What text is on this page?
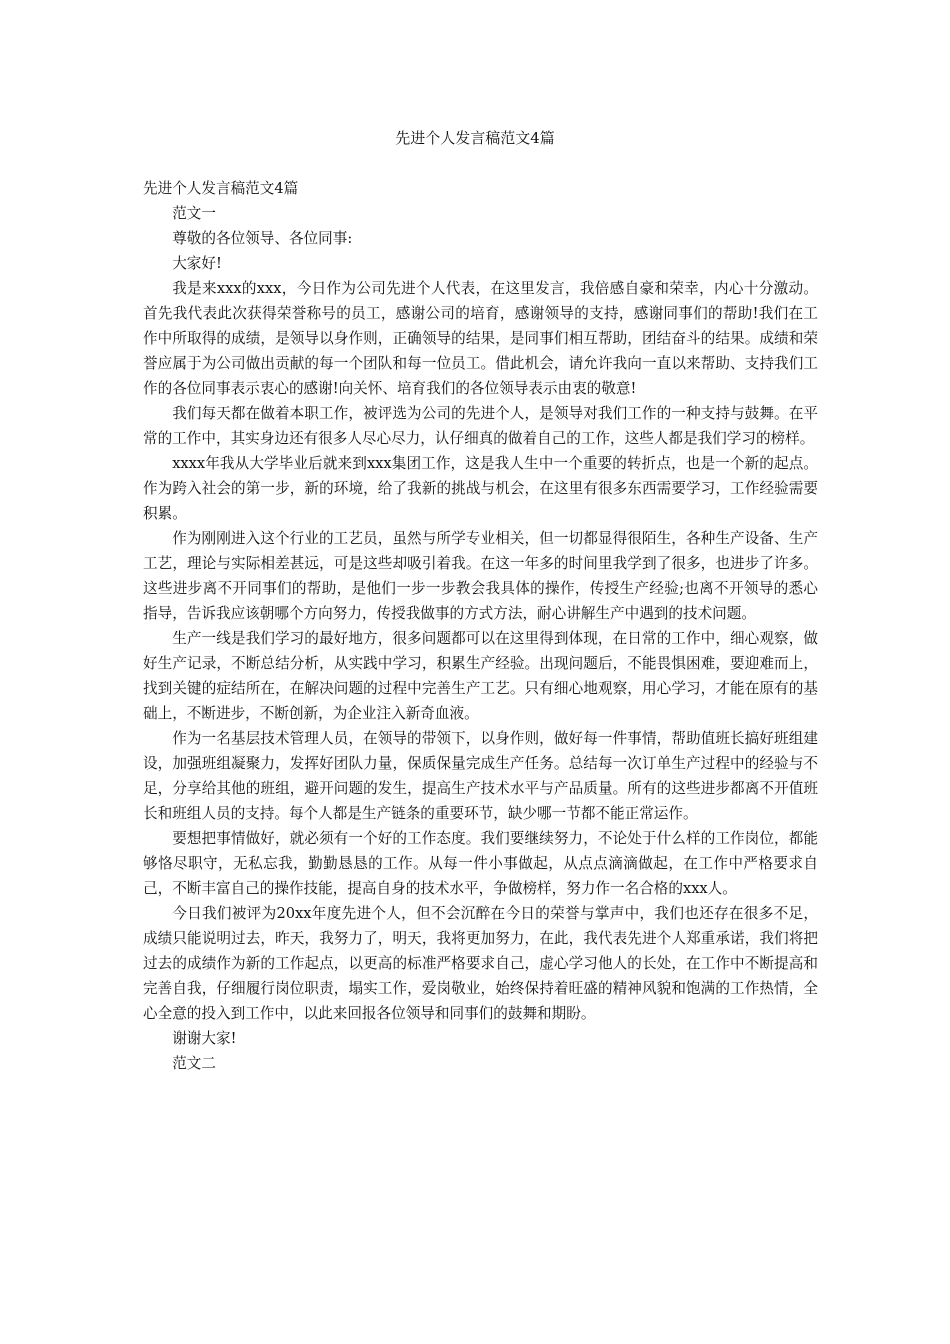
先进个人发言稿范文4篇

先进个人发言稿范文4篇

范文一

尊敬的各位领导、各位同事:

大家好!

我是来xxx的xxx，今日作为公司先进个人代表，在这里发言，我倍感自豪和荣幸，内心十分激动。首先我代表此次获得荣誉称号的员工，感谢公司的培育，感谢领导的支持，感谢同事们的帮助!我们在工作中所取得的成绩，是领导以身作则，正确领导的结果，是同事们相互帮助，团结奋斗的结果。成绩和荣誉应属于为公司做出贡献的每一个团队和每一位员工。借此机会，请允许我向一直以来帮助、支持我们工作的各位同事表示衷心的感谢!向关怀、培育我们的各位领导表示由衷的敬意!

我们每天都在做着本职工作，被评选为公司的先进个人，是领导对我们工作的一种支持与鼓舞。在平常的工作中，其实身边还有很多人尽心尽力，认仔细真的做着自己的工作，这些人都是我们学习的榜样。

xxxx年我从大学毕业后就来到xxx集团工作，这是我人生中一个重要的转折点，也是一个新的起点。作为跨入社会的第一步，新的环境，给了我新的挑战与机会，在这里有很多东西需要学习，工作经验需要积累。

作为刚刚进入这个行业的工艺员，虽然与所学专业相关，但一切都显得很陌生，各种生产设备、生产工艺，理论与实际相差甚远，可是这些却吸引着我。在这一年多的时间里我学到了很多，也进步了许多。这些进步离不开同事们的帮助，是他们一步一步教会我具体的操作，传授生产经验;也离不开领导的悉心指导，告诉我应该朝哪个方向努力，传授我做事的方式方法，耐心讲解生产中遇到的技术问题。

生产一线是我们学习的最好地方，很多问题都可以在这里得到体现，在日常的工作中，细心观察，做好生产记录，不断总结分析，从实践中学习，积累生产经验。出现问题后，不能畏惧困难，要迎难而上，找到关键的症结所在，在解决问题的过程中完善生产工艺。只有细心地观察，用心学习，才能在原有的基础上，不断进步，不断创新，为企业注入新奇血液。

作为一名基层技术管理人员，在领导的带领下，以身作则，做好每一件事情，帮助值班长搞好班组建设，加强班组凝聚力，发挥好团队力量，保质保量完成生产任务。总结每一次订单生产过程中的经验与不足，分享给其他的班组，避开问题的发生，提高生产技术水平与产品质量。所有的这些进步都离不开值班长和班组人员的支持。每个人都是生产链条的重要环节，缺少哪一节都不能正常运作。

要想把事情做好，就必须有一个好的工作态度。我们要继续努力，不论处于什么样的工作岗位，都能够恪尽职守，无私忘我，勤勤恳恳的工作。从每一件小事做起，从点点滴滴做起，在工作中严格要求自己，不断丰富自己的操作技能，提高自身的技术水平，争做榜样，努力作一名合格的xxx人。

今日我们被评为20xx年度先进个人，但不会沉醉在今日的荣誉与掌声中，我们也还存在很多不足，成绩只能说明过去，昨天，我努力了，明天，我将更加努力，在此，我代表先进个人郑重承诺，我们将把过去的成绩作为新的工作起点，以更高的标准严格要求自己，虚心学习他人的长处，在工作中不断提高和完善自我，仔细履行岗位职责，塌实工作，爱岗敬业，始终保持着旺盛的精神风貌和饱满的工作热情，全心全意的投入到工作中，以此来回报各位领导和同事们的鼓舞和期盼。

谢谢大家!

范文二
